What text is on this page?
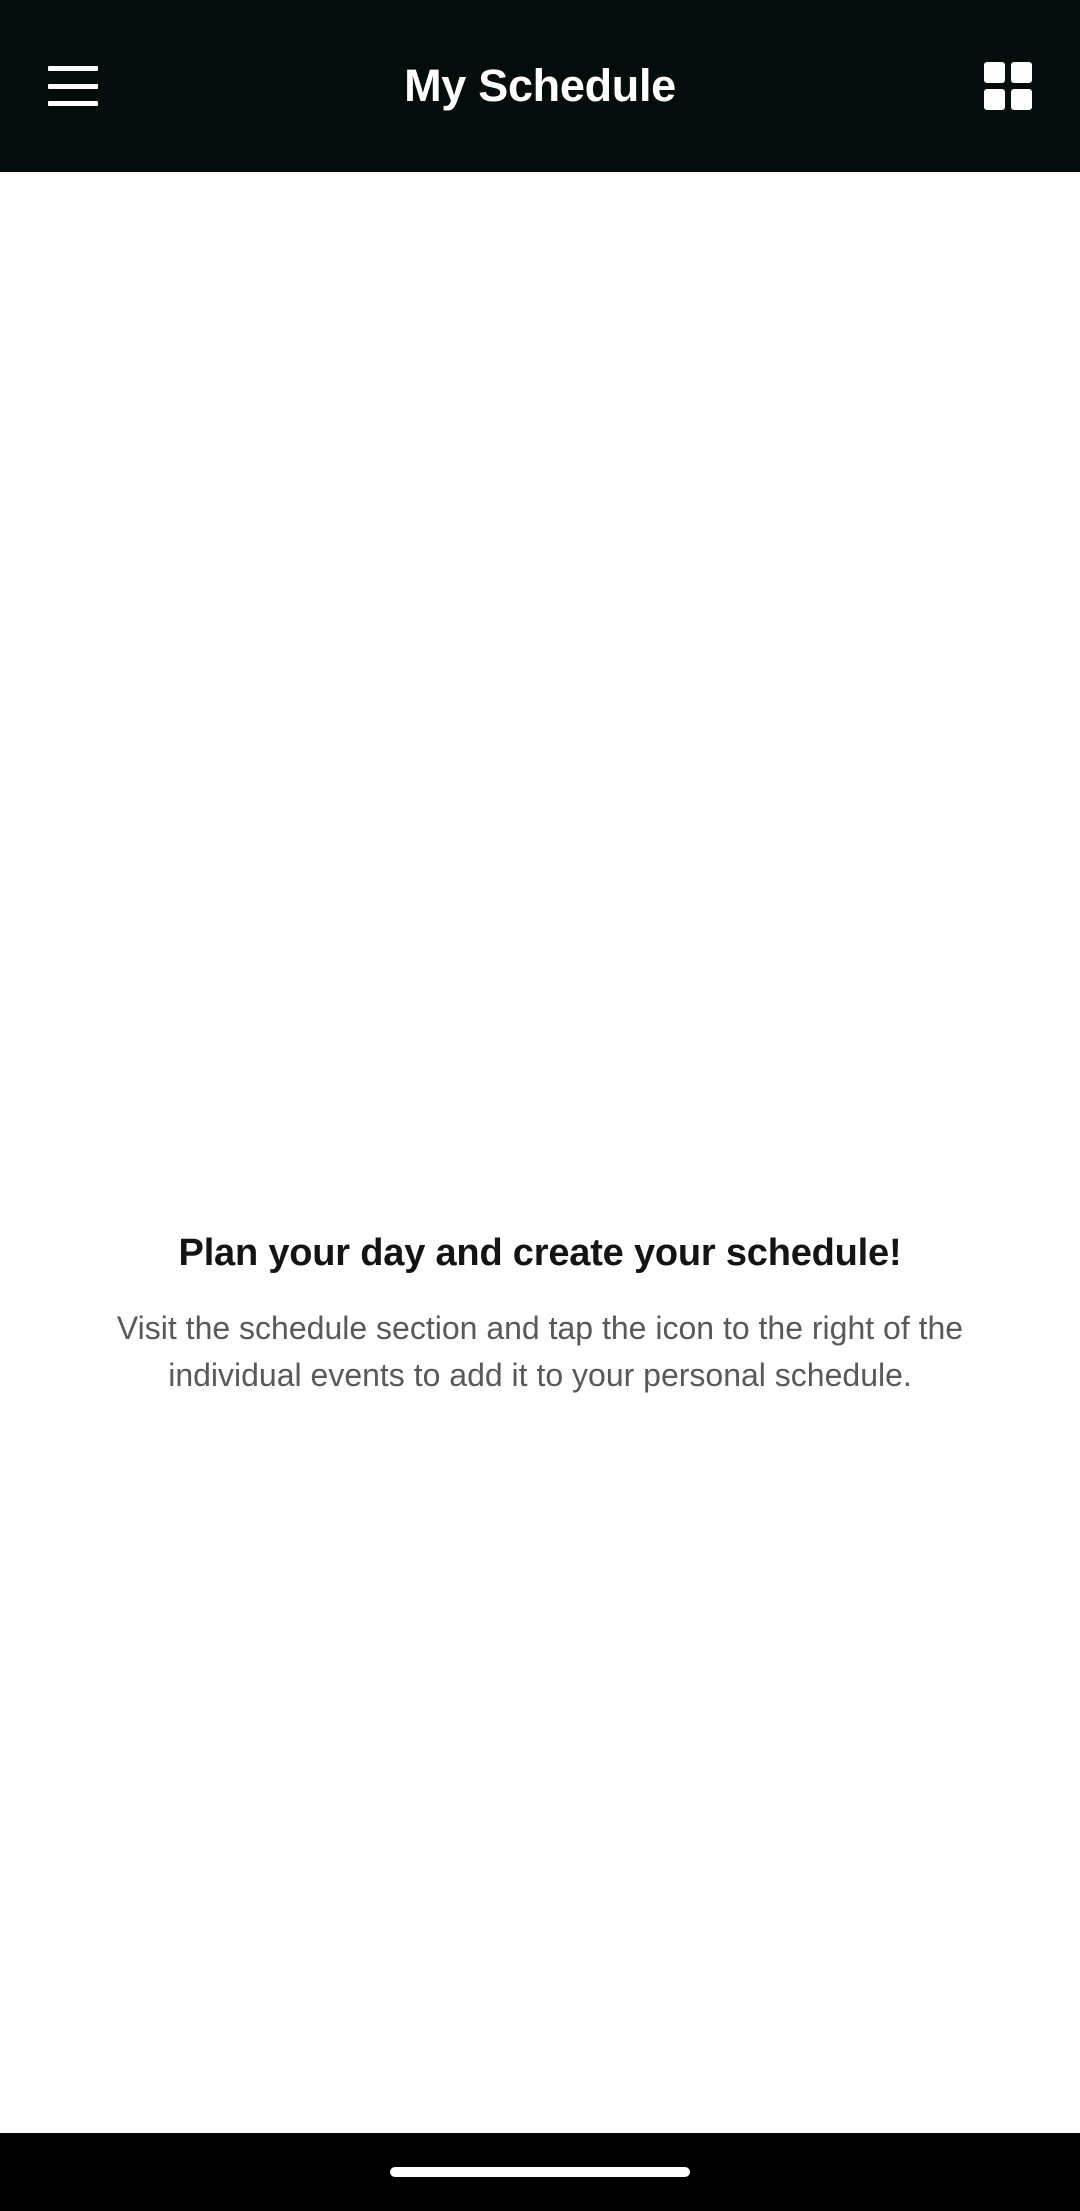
My Schedule
Plan your day and create your schedule!
Visit the schedule section and tap the icon to the right of the individual events to add it to your personal schedule.
